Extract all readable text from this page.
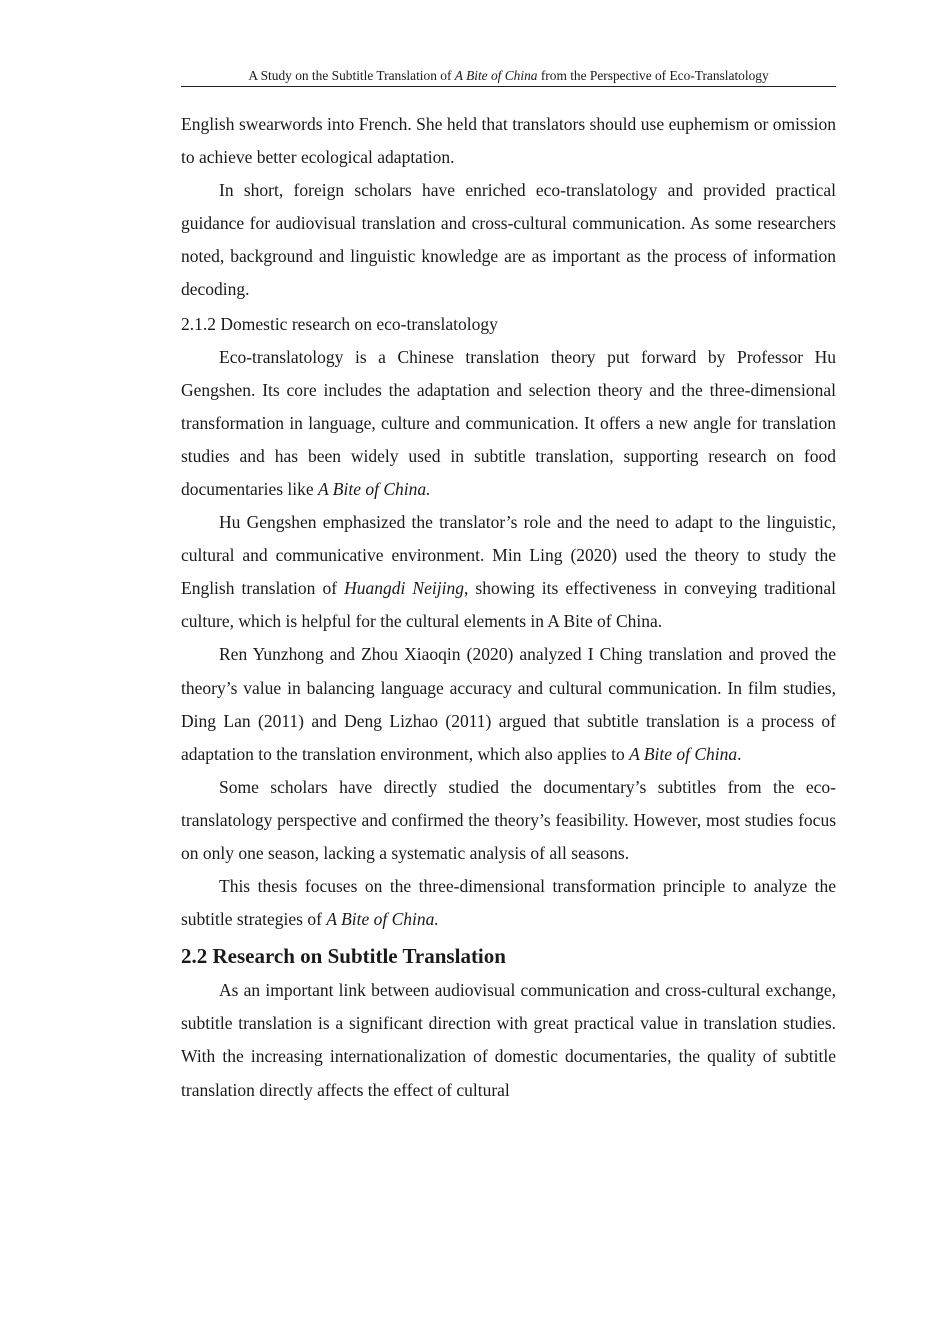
A Study on the Subtitle Translation of A Bite of China from the Perspective of Eco-Translatology

English swearwords into French. She held that translators should use euphemism or omission to achieve better ecological adaptation.

In short, foreign scholars have enriched eco-translatology and provided practical guidance for audiovisual translation and cross-cultural communication. As some researchers noted, background and linguistic knowledge are as important as the process of information decoding.

2.1.2 Domestic research on eco-translatology

Eco-translatology is a Chinese translation theory put forward by Professor Hu Gengshen. Its core includes the adaptation and selection theory and the three-dimensional transformation in language, culture and communication. It offers a new angle for translation studies and has been widely used in subtitle translation, supporting research on food documentaries like A Bite of China.

Hu Gengshen emphasized the translator’s role and the need to adapt to the linguistic, cultural and communicative environment. Min Ling (2020) used the theory to study the English translation of Huangdi Neijing, showing its effectiveness in conveying traditional culture, which is helpful for the cultural elements in A Bite of China.

Ren Yunzhong and Zhou Xiaoqin (2020) analyzed I Ching translation and proved the theory’s value in balancing language accuracy and cultural communication. In film studies, Ding Lan (2011) and Deng Lizhao (2011) argued that subtitle translation is a process of adaptation to the translation environment, which also applies to A Bite of China.

Some scholars have directly studied the documentary’s subtitles from the eco-translatology perspective and confirmed the theory’s feasibility. However, most studies focus on only one season, lacking a systematic analysis of all seasons.

This thesis focuses on the three-dimensional transformation principle to analyze the subtitle strategies of A Bite of China.

2.2 Research on Subtitle Translation

As an important link between audiovisual communication and cross-cultural exchange, subtitle translation is a significant direction with great practical value in translation studies. With the increasing internationalization of domestic documentaries, the quality of subtitle translation directly affects the effect of cultural
